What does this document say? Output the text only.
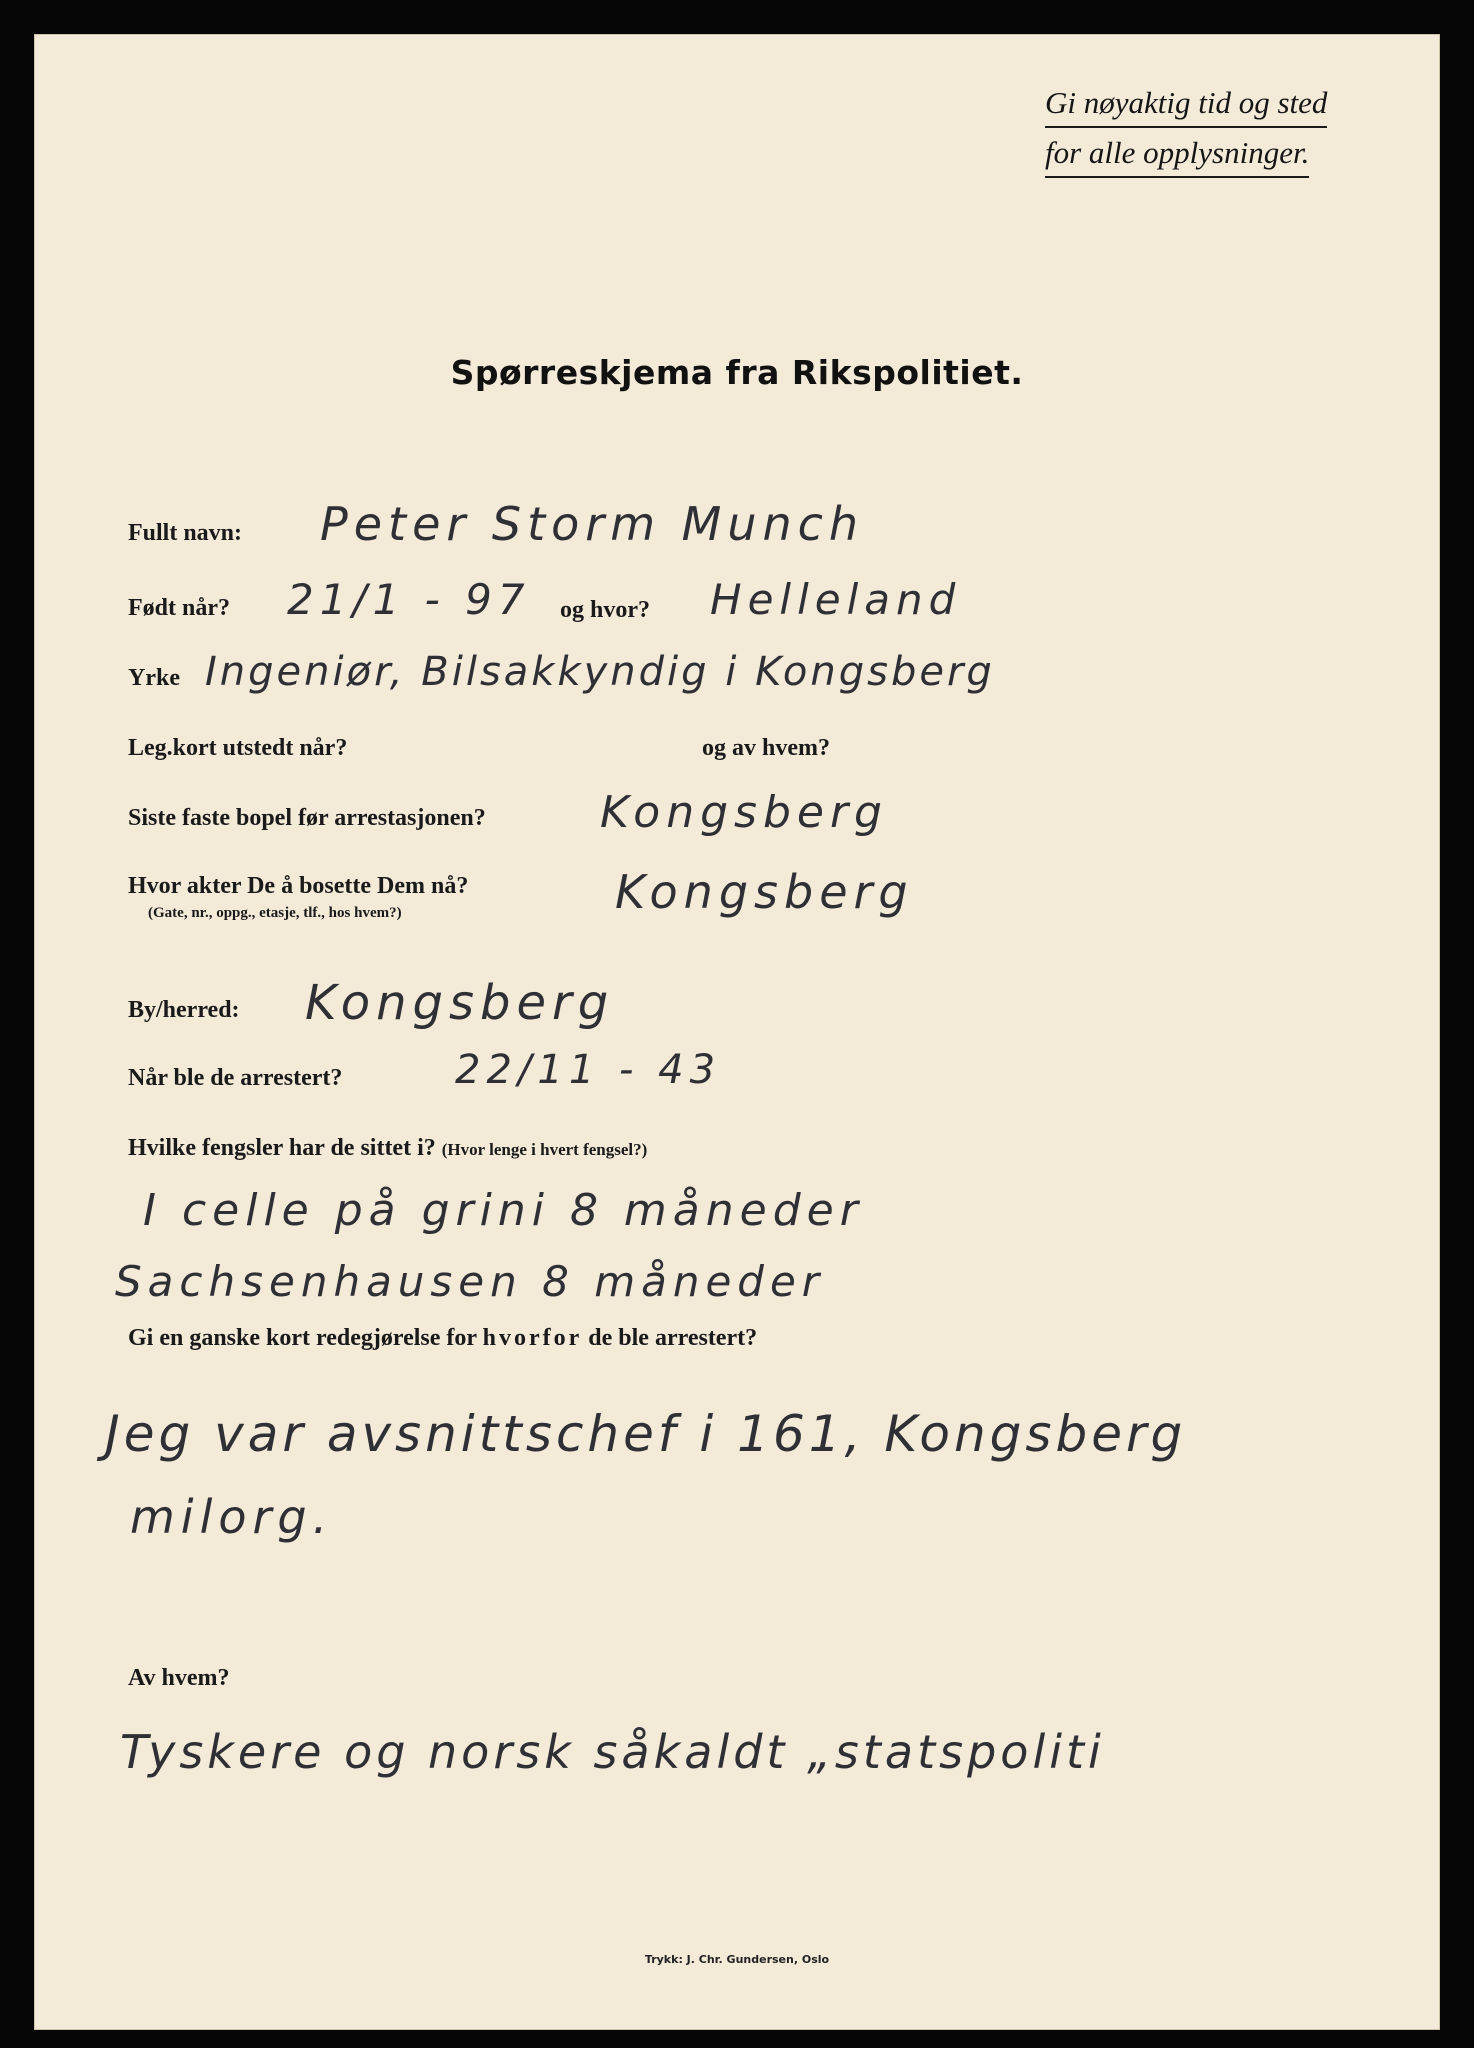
Gi nøyaktig tid og sted
for alle opplysninger.
Spørreskjema fra Rikspolitiet.
Fullt navn: Peter Storm Munch
Født når? 21/1 - 97 og hvor? Helleland
Yrke Ingeniør, Bilsakkyndig i Kongsberg
Leg.kort utstedt når?	og av hvem?
Siste faste bopel før arrestasjonen?	Kongsberg
Hvor akter De å bosette Dem nå?
(Gate, nr., oppg., etasje, tlf., hos hvem?)	Kongsberg
By/herred: Kongsberg
Når ble de arrestert?	22/11 - 43
Hvilke fengsler har de sittet i? (Hvor lenge i hvert fengsel?)
I celle på grini 8 måneder
Sachsenhausen 8 måneder
Gi en ganske kort redegjørelse for hvorfor de ble arrestert?
Jeg var avsnittschef i 161, Kongsberg
milorg.
Av hvem?
Tyskere og norsk såkaldt „statspoliti
Trykk: J. Chr. Gundersen, Oslo
